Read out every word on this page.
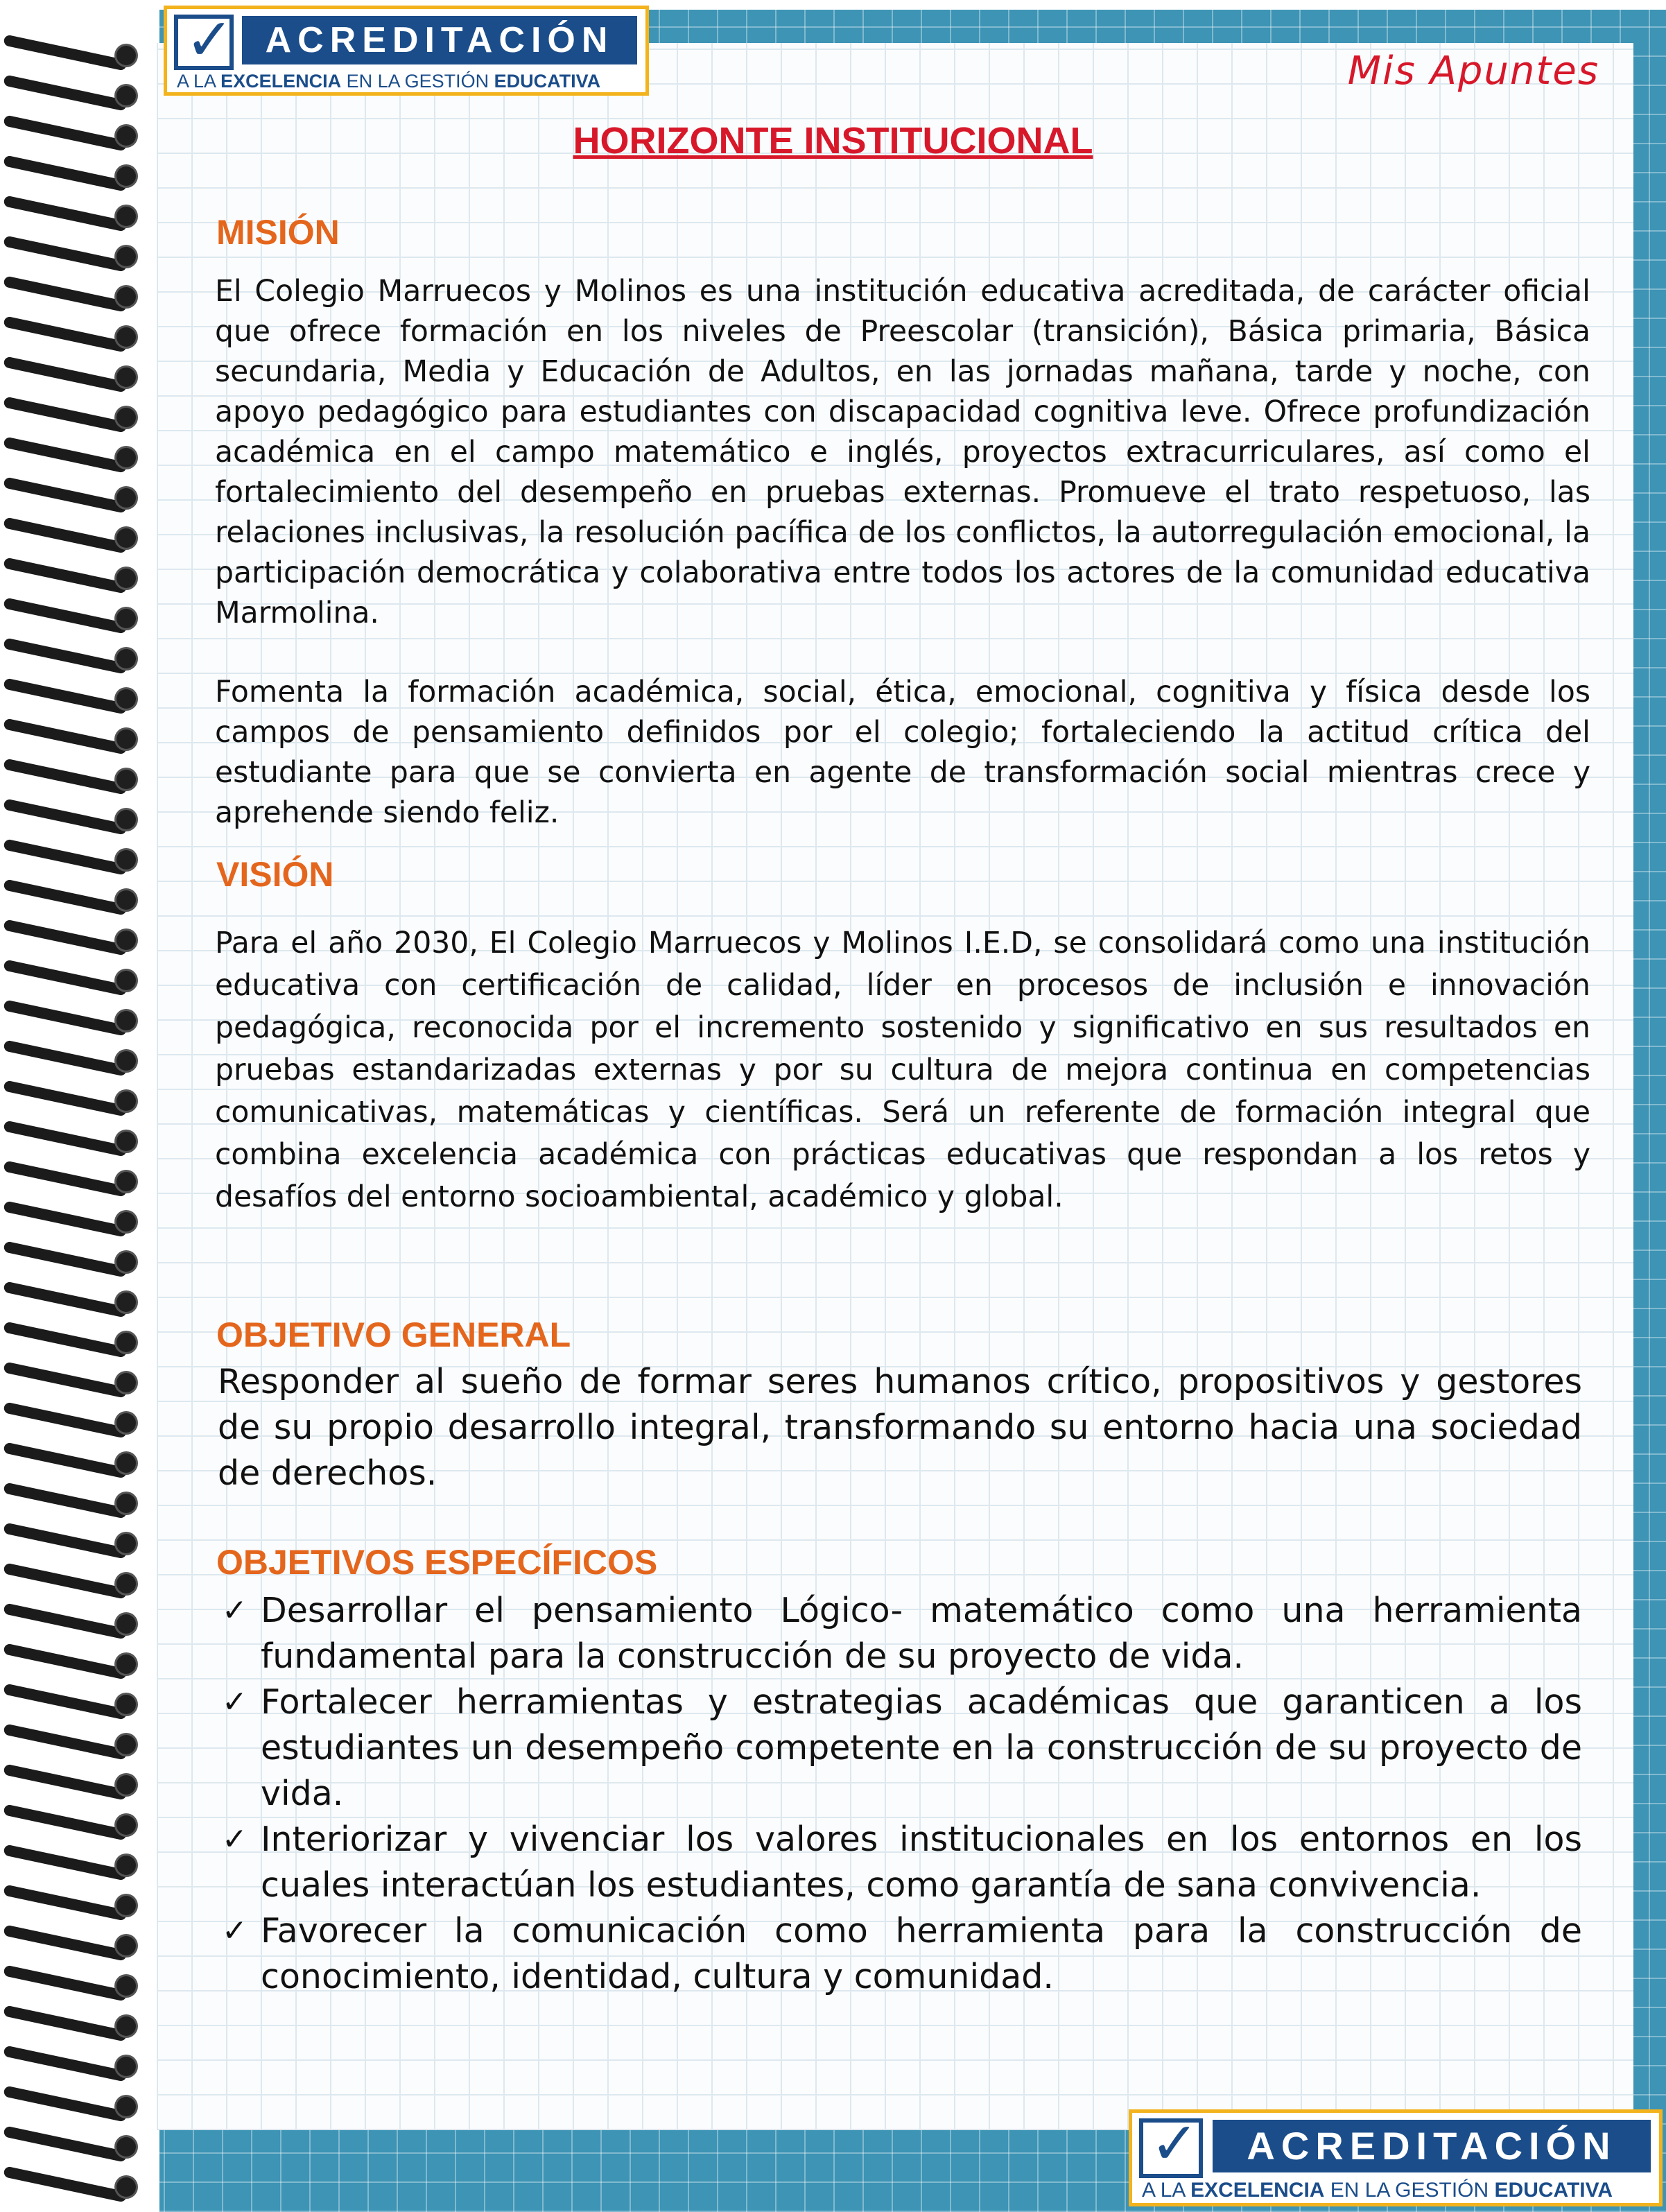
✓ ACREDITACIÓN
A LA EXCELENCIA EN LA GESTIÓN EDUCATIVA	Mis Apuntes
HORIZONTE INSTITUCIONAL
MISIÓN

El Colegio Marruecos y Molinos es una institución educativa acreditada, de carácter oficial que ofrece formación en los niveles de Preescolar (transición), Básica primaria, Básica secundaria, Media y Educación de Adultos, en las jornadas mañana, tarde y noche, con apoyo pedagógico para estudiantes con discapacidad cognitiva leve. Ofrece profundización académica en el campo matemático e inglés, proyectos extracurriculares, así como el fortalecimiento del desempeño en pruebas externas. Promueve el trato respetuoso, las relaciones inclusivas, la resolución pacífica de los conflictos, la autorregulación emocional, la participación democrática y colaborativa entre todos los actores de la comunidad educativa Marmolina.

Fomenta la formación académica, social, ética, emocional, cognitiva y física desde los campos de pensamiento definidos por el colegio; fortaleciendo la actitud crítica del estudiante para que se convierta en agente de transformación social mientras crece y aprehende siendo feliz.

VISIÓN

Para el año 2030, El Colegio Marruecos y Molinos I.E.D, se consolidará como una institución educativa con certificación de calidad, líder en procesos de inclusión e innovación pedagógica, reconocida por el incremento sostenido y significativo en sus resultados en pruebas estandarizadas externas y por su cultura de mejora continua en competencias comunicativas, matemáticas y científicas. Será un referente de formación integral que combina excelencia académica con prácticas educativas que respondan a los retos y desafíos del entorno socioambiental, académico y global.

OBJETIVO GENERAL

Responder al sueño de formar seres humanos crítico, propositivos y gestores de su propio desarrollo integral, transformando su entorno hacia una sociedad de derechos.

OBJETIVOS ESPECÍFICOS
✓ Desarrollar el pensamiento Lógico- matemático como una herramienta fundamental para la construcción de su proyecto de vida.
✓ Fortalecer herramientas y estrategias académicas que garanticen a los estudiantes un desempeño competente en la construcción de su proyecto de vida.
✓ Interiorizar y vivenciar los valores institucionales en los entornos en los cuales interactúan los estudiantes, como garantía de sana convivencia.
✓ Favorecer la comunicación como herramienta para la construcción de conocimiento, identidad, cultura y comunidad.
✓	ACREDITACIÓN
A LA EXCELENCIA EN LA GESTIÓN EDUCATIVA
